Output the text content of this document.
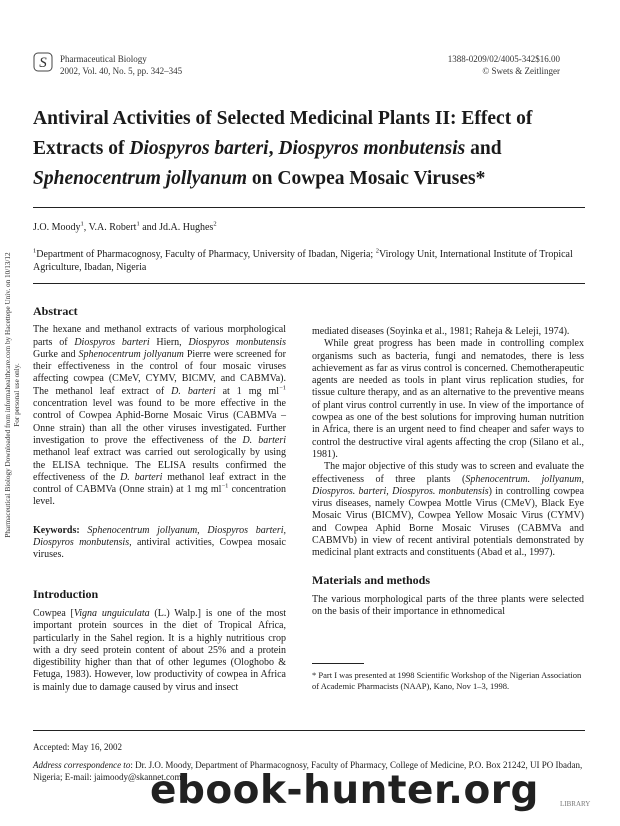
S Pharmaceutical Biology
2002, Vol. 40, No. 5, pp. 342–345
1388-0209/02/4005-342$16.00
© Swets & Zeitlinger
Antiviral Activities of Selected Medicinal Plants II: Effect of Extracts of Diospyros barteri, Diospyros monbutensis and Sphenocentrum jollyanum on Cowpea Mosaic Viruses*
J.O. Moody$^1$, V.A. Robert$^1$ and Jd.A. Hughes$^2$
$^1$Department of Pharmacognosy, Faculty of Pharmacy, University of Ibadan, Nigeria; $^2$Virology Unit, International Institute of Tropical Agriculture, Ibadan, Nigeria
Abstract

The hexane and methanol extracts of various morphological parts of Diospyros barteri Hiern, Diospyros monbutensis Gurke and Sphenocentrum jollyanum Pierre were screened for their effectiveness in the control of four mosaic viruses affecting cowpea (CMeV, CYMV, BICMV, and CABMVa). The methanol leaf extract of D. barteri at 1 mg $ml^{-1}$ concentration level was found to be more effective in the control of Cowpea Aphid-Borne Mosaic Virus (CABMVa – Onne strain) than all the other viruses investigated. Further investigation to prove the effectiveness of the D. barteri methanol leaf extract was carried out serologically by using the ELISA technique. The ELISA results confirmed the effectiveness of the D. barteri methanol leaf extract in the control of CABMVa (Onne strain) at 1 mg $ml^{-1}$ concentration level.

Keywords: Sphenocentrum jollyanum, Diospyros barteri, Diospyros monbutensis, antiviral activities, Cowpea mosaic viruses.

Introduction

Cowpea [Vigna unguiculata (L.) Walp.] is one of the most important protein sources in the diet of Tropical Africa, particularly in the Sahel region. It is a highly nutritious crop with a dry seed protein content of about 25% and a protein digestibility higher than that of other legumes (Ologhobo & Fetuga, 1983). However, low productivity of cowpea in Africa is mainly due to damage caused by virus and insect

mediated diseases (Soyinka et al., 1981; Raheja & Leleji, 1974).

While great progress has been made in controlling complex organisms such as bacteria, fungi and nematodes, there is less achievement as far as virus control is concerned. Chemotherapeutic agents are needed as tools in plant virus replication studies, for tissue culture therapy, and as an alternative to the preventive means of plant virus control currently in use. In view of the importance of cowpea as one of the best solutions for improving human nutrition in Africa, there is an urgent need to find cheaper and safer ways to control the destructive viral agents affecting the crop (Silano et al., 1981).

The major objective of this study was to screen and evaluate the effectiveness of three plants (Sphenocentrum. jollyanum, Diospyros. barteri, Diospyros. monbutensis) in controlling cowpea virus diseases, namely Cowpea Mottle Virus (CMeV), Black Eye Mosaic Virus (BICMV), Cowpea Yellow Mosaic Virus (CYMV) and Cowpea Aphid Borne Mosaic Viruses (CABMVa and CABMVb) in view of recent antiviral potentials demonstrated by medicinal plant extracts and constituents (Abad et al., 1997).

Materials and methods

The various morphological parts of the three plants were selected on the basis of their importance in ethnomedical

* Part I was presented at 1998 Scientific Workshop of the Nigerian Association of Academic Pharmacists (NAAP), Kano, Nov 1–3, 1998.
Accepted: May 16, 2002
Address correspondence to: Dr. J.O. Moody, Department of Pharmacognosy, Faculty of Pharmacy, College of Medicine, P.O. Box 21242, UI PO Ibadan, Nigeria; E-mail: jaimoody@skannet.com
Pharmaceutical Biology Downloaded from informahealthcare.com by Hacettepe Univ. on 10/13/12 For personal use only.
ebook-hunter.org	LIBRARY
